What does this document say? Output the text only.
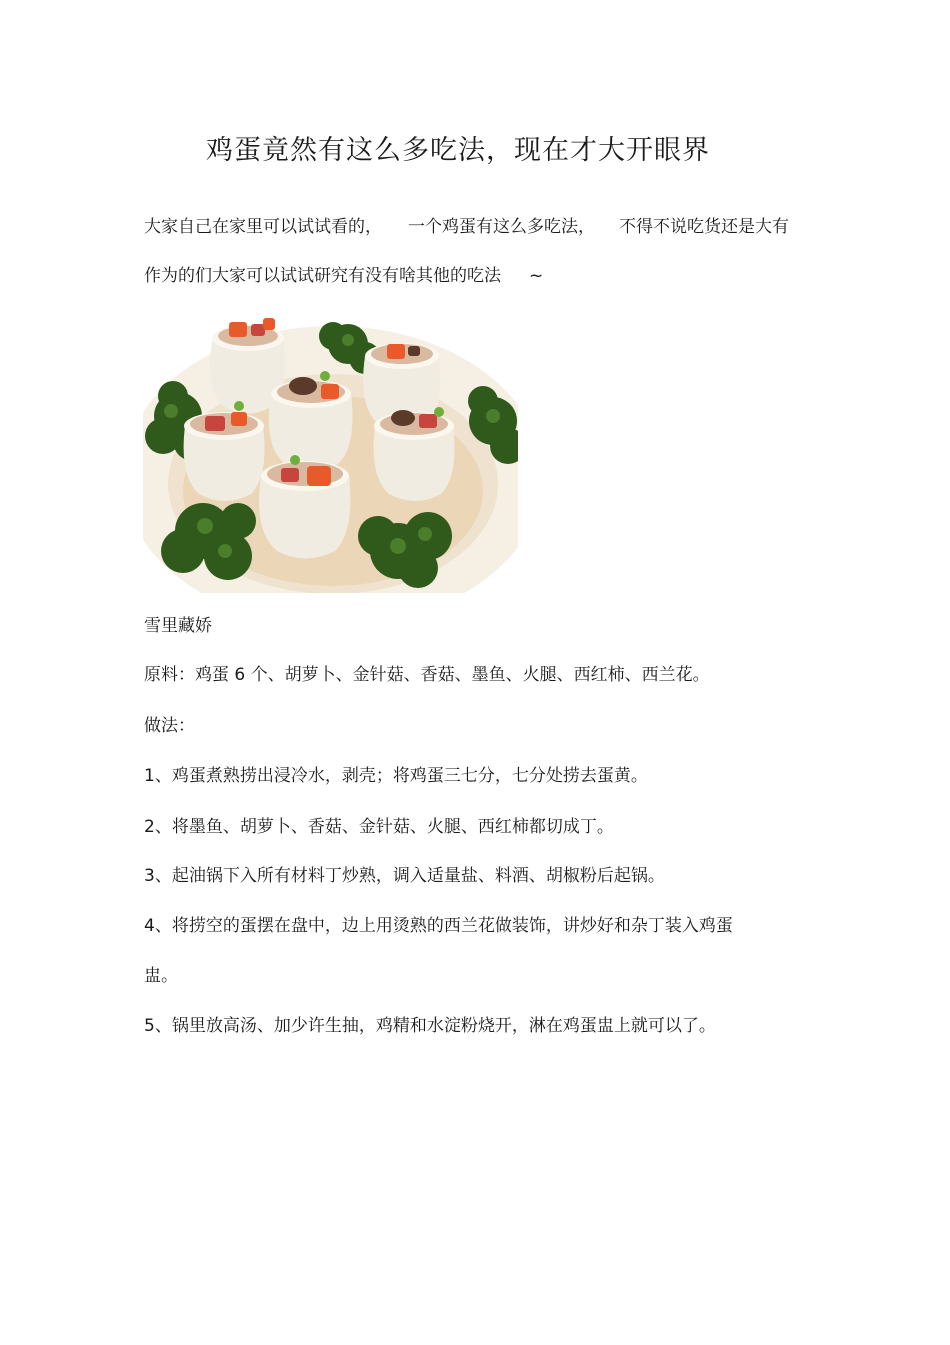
鸡蛋竟然有这么多吃法，现在才大开眼界
大家自己在家里可以试试看的， 一个鸡蛋有这么多吃法， 不得不说吃货还是大有
作为的们大家可以试试研究有没有啥其他的吃法 ~
雪里藏娇
原料：鸡蛋 6 个、胡萝卜、金针菇、香菇、墨鱼、火腿、西红柿、西兰花。
做法：
1、鸡蛋煮熟捞出浸冷水，剥壳；将鸡蛋三七分，七分处捞去蛋黄。
2、将墨鱼、胡萝卜、香菇、金针菇、火腿、西红柿都切成丁。
3、起油锅下入所有材料丁炒熟，调入适量盐、料酒、胡椒粉后起锅。
4、将捞空的蛋摆在盘中，边上用烫熟的西兰花做装饰，讲炒好和杂丁装入鸡蛋
盅。
5、锅里放高汤、加少许生抽，鸡精和水淀粉烧开，淋在鸡蛋盅上就可以了。
